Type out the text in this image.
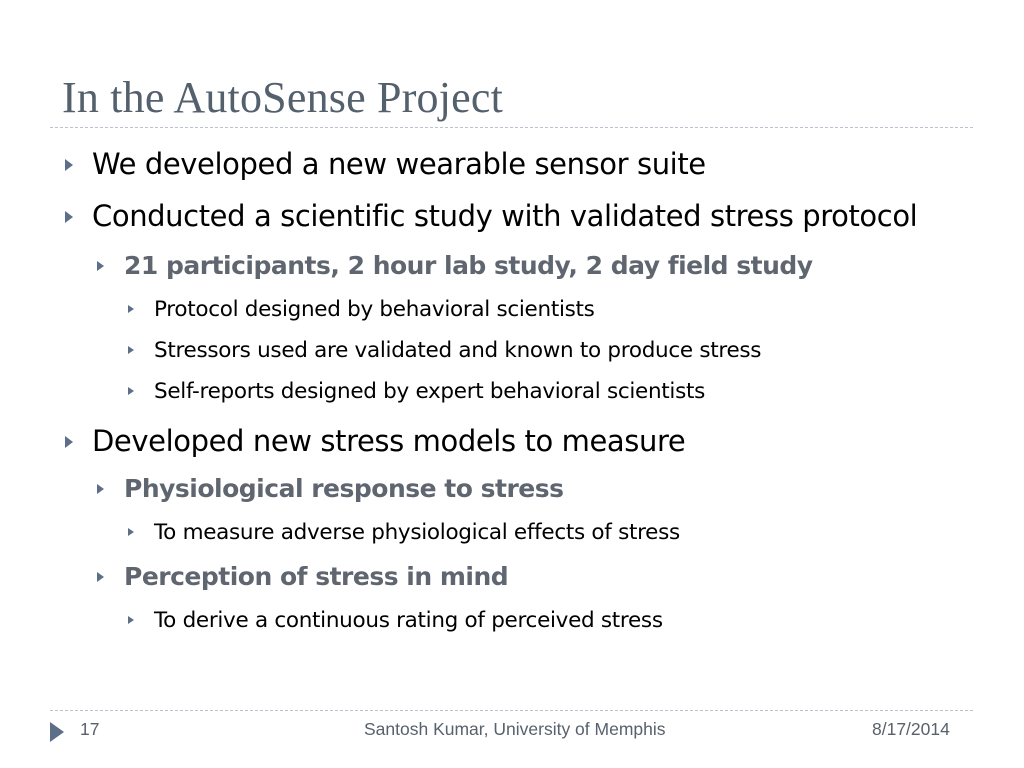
In the AutoSense Project
We developed a new wearable sensor suite
Conducted a scientific study with validated stress protocol
21 participants, 2 hour lab study, 2 day field study
Protocol designed by behavioral scientists
Stressors used are validated and known to produce stress
Self-reports designed by expert behavioral scientists
Developed new stress models to measure
Physiological response to stress
To measure adverse physiological effects of stress
Perception of stress in mind
To derive a continuous rating of perceived stress
17	Santosh Kumar, University of Memphis	8/17/2014
